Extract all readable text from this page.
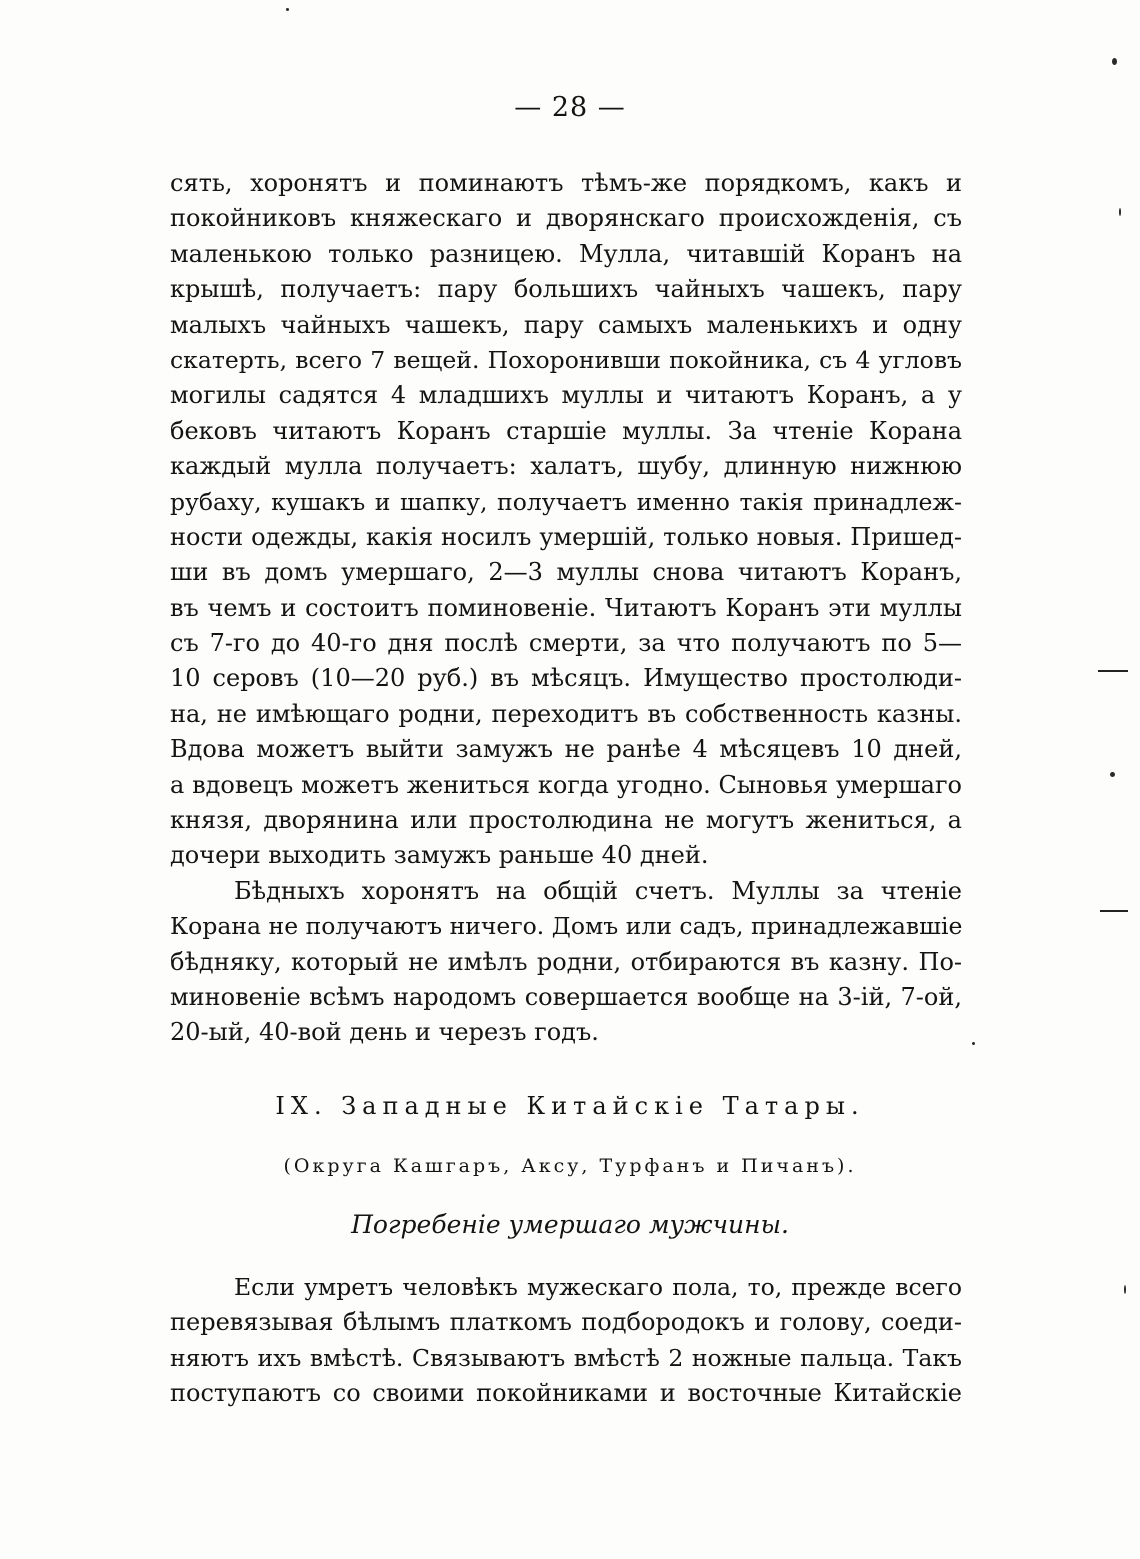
— 28 —
сять, хоронятъ и поминаютъ тѣмъ-же порядкомъ, какъ и
покойниковъ княжескаго и дворянскаго происхожденія, съ
маленькою только разницею. Мулла, читавшій Коранъ на
крышѣ, получаетъ: пару большихъ чайныхъ чашекъ, пару
малыхъ чайныхъ чашекъ, пару самыхъ маленькихъ и одну
скатерть, всего 7 вещей. Похоронивши покойника, съ 4 угловъ
могилы садятся 4 младшихъ муллы и читаютъ Коранъ, а у
бековъ читаютъ Коранъ старшіе муллы. За чтеніе Корана
каждый мулла получаетъ: халатъ, шубу, длинную нижнюю
рубаху, кушакъ и шапку, получаетъ именно такія принадлеж-
ности одежды, какія носилъ умершій, только новыя. Пришед-
ши въ домъ умершаго, 2—3 муллы снова читаютъ Коранъ,
въ чемъ и состоитъ поминовеніе. Читаютъ Коранъ эти муллы
съ 7-го до 40-го дня послѣ смерти, за что получаютъ по 5—
10 серовъ (10—20 руб.) въ мѣсяцъ. Имущество простолюди-
на, не имѣющаго родни, переходитъ въ собственность казны.
Вдова можетъ выйти замужъ не ранѣе 4 мѣсяцевъ 10 дней,
а вдовецъ можетъ жениться когда угодно. Сыновья умершаго
князя, дворянина или простолюдина не могутъ жениться, а
дочери выходить замужъ раньше 40 дней.
Бѣдныхъ хоронятъ на общій счетъ. Муллы за чтеніе
Корана не получаютъ ничего. Домъ или садъ, принадлежавшіе
бѣдняку, который не имѣлъ родни, отбираются въ казну. По-
миновеніе всѣмъ народомъ совершается вообще на 3-ій, 7-ой,
20-ый, 40-вой день и черезъ годъ.
IX. Западные Китайскіе Татары.
(Округа Кашгаръ, Аксу, Турфанъ и Пичанъ).
Погребеніе умершаго мужчины.
Если умретъ человѣкъ мужескаго пола, то, прежде всего
перевязывая бѣлымъ платкомъ подбородокъ и голову, соеди-
няютъ ихъ вмѣстѣ. Связываютъ вмѣстѣ 2 ножные пальца. Такъ
поступаютъ со своими покойниками и восточные Китайскіе
